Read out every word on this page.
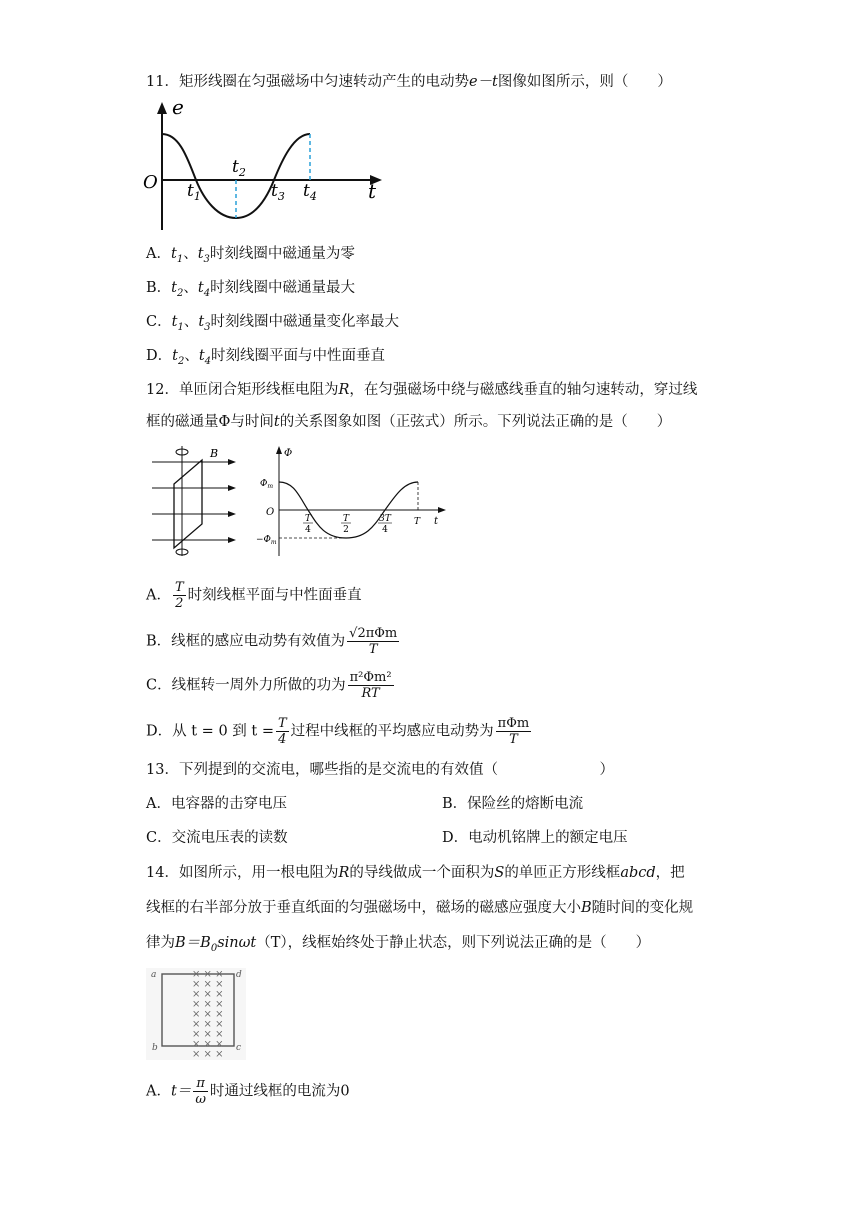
11．矩形线圈在匀强磁场中匀速转动产生的电动势e－t图像如图所示，则（　　）
e
t
O $t_1$
$t_2$
$t_3$ $t_4$
A．$t_1$、$t_3$时刻线圈中磁通量为零
B．$t_2$、$t_4$时刻线圈中磁通量最大
C．$t_1$、$t_3$时刻线圈中磁通量变化率最大
D．$t_2$、$t_4$时刻线圈平面与中性面垂直
12．单匝闭合矩形线框电阻为R，在匀强磁场中绕与磁感线垂直的轴匀速转动，穿过线
框的磁通量Φ与时间t的关系图象如图（正弦式）所示。下列说法正确的是（　　）
B	Φ
t
O
$\Phi_m$
$-\Phi_m$
T
4
T
2
3T
4
T
A． $\frac{T}{2}$ 时刻线框平面与中性面垂直
B．线框的感应电动势有效值为 $\frac{\text{√2πΦm}}{T}$
C．线框转一周外力所做的功为 $\frac{\text{π²Φm²}}{RT}$
D．从 t = 0 到 $t = \frac{T}{4}$ 过程中线框的平均感应电动势为 $\frac{\text{πΦm}}{T}$
13．下列提到的交流电，哪些指的是交流电的有效值（　　　　　　　）
A．电容器的击穿电压	B．保险丝的熔断电流
C．交流电压表的读数	D．电动机铭牌上的额定电压
14．如图所示，用一根电阻为R的导线做成一个面积为S的单匝正方形线框abcd，把
线框的右半部分放于垂直纸面的匀强磁场中，磁场的磁感应强度大小B随时间的变化规
律为$B=B_0\sin\omega t(T)$，线框始终处于静止状态，则下列说法正确的是（　　）
a
b	c
d
× × ×
× × ×
× × ×
× × ×
× × ×
× × ×
× × ×
× × ×
× × ×
A．$t= \frac{\pi}{\omega}$ 时通过线框的电流为0
